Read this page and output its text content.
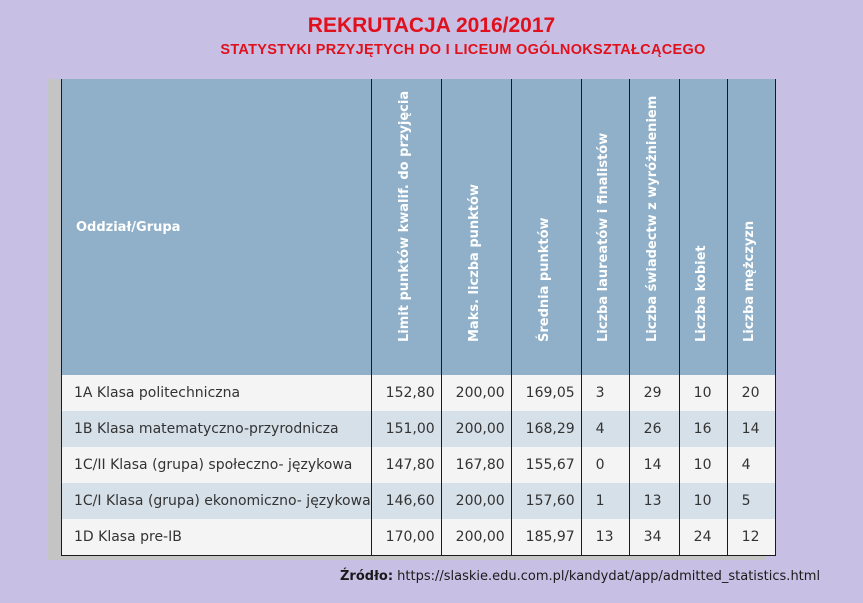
REKRUTACJA 2016/2017
STATYSTYKI PRZYJĘTYCH DO I LICEUM OGÓLNOKSZTAŁCĄCEGO
Oddział/Grupa	Limit punktów kwalif. do przyjęcia	Maks. liczba punktów	Średnia punktów	Liczba laureatów i finalistów	Liczba świadectw z wyróżnieniem	Liczba kobiet	Liczba mężczyzn

1A Klasa politechniczna	152,80	200,00	169,05	3	29	10	20
1B Klasa matematyczno-przyrodnicza	151,00	200,00	168,29	4	26	16	14
1C/II Klasa (grupa) społeczno- językowa	147,80	167,80	155,67	0	14	10	4
1C/I Klasa (grupa) ekonomiczno- językowa	146,60	200,00	157,60	1	13	10	5
1D Klasa pre-IB	170,00	200,00	185,97	13	34	24	12
Źródło: https://slaskie.edu.com.pl/kandydat/app/admitted_statistics.html
